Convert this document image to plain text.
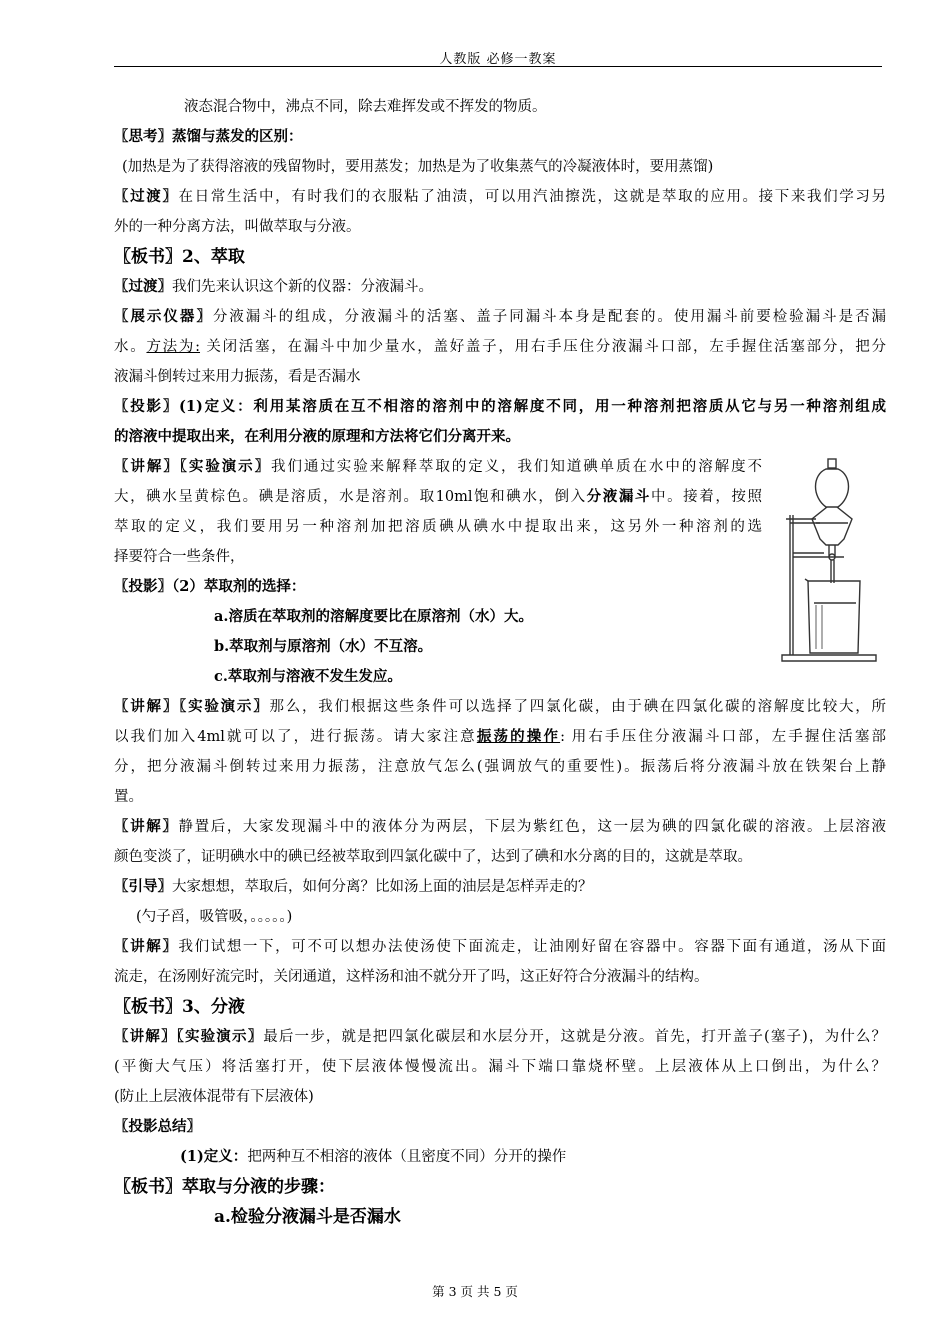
人教版 必修一教案
液态混合物中，沸点不同，除去难挥发或不挥发的物质。
〖思考〗蒸馏与蒸发的区别：
(加热是为了获得溶液的残留物时，要用蒸发；加热是为了收集蒸气的冷凝液体时，要用蒸馏)
〖过渡〗在日常生活中，有时我们的衣服粘了油渍，可以用汽油擦洗，这就是萃取的应用。接下来我们学习另
外的一种分离方法，叫做萃取与分液。
〖板书〗2、萃取
〖过渡〗我们先来认识这个新的仪器：分液漏斗。
〖展示仪器〗分液漏斗的组成，分液漏斗的活塞、盖子同漏斗本身是配套的。使用漏斗前要检验漏斗是否漏
水。方法为: 关闭活塞，在漏斗中加少量水，盖好盖子，用右手压住分液漏斗口部，左手握住活塞部分，把分
液漏斗倒转过来用力振荡，看是否漏水
〖投影〗(1)定义：利用某溶质在互不相溶的溶剂中的溶解度不同，用一种溶剂把溶质从它与另一种溶剂组成
的溶液中提取出来，在利用分液的原理和方法将它们分离开来。
〖讲解〗〖实验演示〗我们通过实验来解释萃取的定义，我们知道碘单质在水中的溶解度不
大，碘水呈黄棕色。碘是溶质，水是溶剂。取10ml饱和碘水，倒入分液漏斗中。接着，按照
萃取的定义，我们要用另一种溶剂加把溶质碘从碘水中提取出来，这另外一种溶剂的选
择要符合一些条件，
〖投影〗（2）萃取剂的选择：
a.溶质在萃取剂的溶解度要比在原溶剂（水）大。
b.萃取剂与原溶剂（水）不互溶。
c.萃取剂与溶液不发生发应。
〖讲解〗〖实验演示〗那么，我们根据这些条件可以选择了四氯化碳，由于碘在四氯化碳的溶解度比较大，所
以我们加入4ml就可以了，进行振荡。请大家注意振荡的操作: 用右手压住分液漏斗口部，左手握住活塞部
分，把分液漏斗倒转过来用力振荡，注意放气怎么(强调放气的重要性)。振荡后将分液漏斗放在铁架台上静
置。
〖讲解〗静置后，大家发现漏斗中的液体分为两层，下层为紫红色，这一层为碘的四氯化碳的溶液。上层溶液
颜色变淡了，证明碘水中的碘已经被萃取到四氯化碳中了，达到了碘和水分离的目的，这就是萃取。
〖引导〗大家想想，萃取后，如何分离？比如汤上面的油层是怎样弄走的？
(勺子舀，吸管吸，。。。。。)
〖讲解〗我们试想一下，可不可以想办法使汤使下面流走，让油刚好留在容器中。容器下面有通道，汤从下面
流走，在汤刚好流完时，关闭通道，这样汤和油不就分开了吗，这正好符合分液漏斗的结构。
〖板书〗3、分液
〖讲解〗〖实验演示〗最后一步，就是把四氯化碳层和水层分开，这就是分液。首先，打开盖子(塞子)，为什么？
(平衡大气压）将活塞打开，使下层液体慢慢流出。漏斗下端口靠烧杯壁。上层液体从上口倒出，为什么？
(防止上层液体混带有下层液体)
〖投影总结〗
(1)定义：把两种互不相溶的液体（且密度不同）分开的操作
〖板书〗萃取与分液的步骤：
a.检验分液漏斗是否漏水
第 3 页 共 5 页
